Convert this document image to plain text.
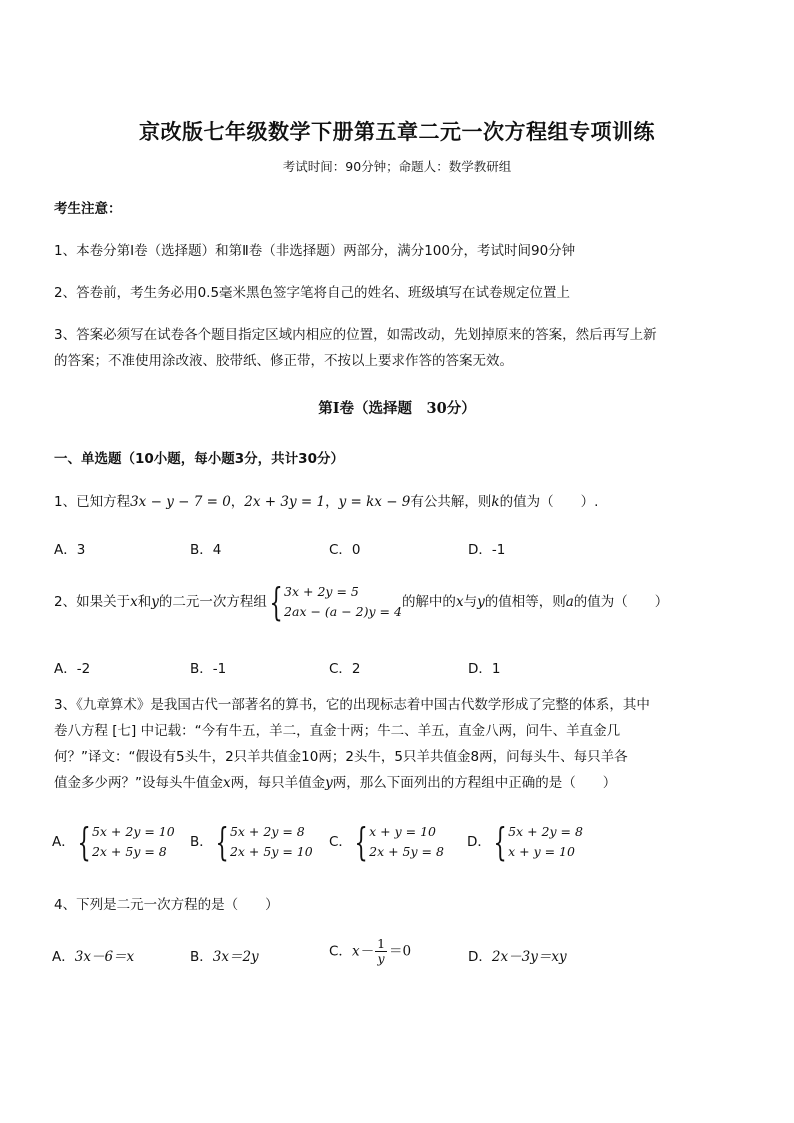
京改版七年级数学下册第五章二元一次方程组专项训练
考试时间：90分钟；命题人：数学教研组
考生注意：
1、本卷分第Ⅰ卷（选择题）和第Ⅱ卷（非选择题）两部分，满分100分，考试时间90分钟
2、答卷前，考生务必用0.5毫米黑色签字笔将自己的姓名、班级填写在试卷规定位置上
3、答案必须写在试卷各个题目指定区域内相应的位置，如需改动，先划掉原来的答案，然后再写上新
的答案；不准使用涂改液、胶带纸、修正带，不按以上要求作答的答案无效。
第Ⅰ卷（选择题　30分）
一、单选题（10小题，每小题3分，共计30分）
1、已知方程3x − y − 7 = 0，2x + 3y = 1，y = kx − 9有公共解，则k的值为（　　）.
A．3	B．4	C．0	D．-1
2、如果关于x和y的二元一次方程组{ 3x + 2y = 5
2ax − (a − 2)y = 4
的解中的x与y的值相等，则a的值为（　　）
A．-2	B．-1	C．2	D．1
3、《九章算术》是我国古代一部著名的算书，它的出现标志着中国古代数学形成了完整的体系，其中
卷八方程 [七] 中记载：“今有牛五，羊二，直金十两；牛二、羊五，直金八两，问牛、羊直金几
何？”译文：“假设有5头牛，2只羊共值金10两；2头牛，5只羊共值金8两，问每头牛、每只羊各
值金多少两？”设每头牛值金x两，每只羊值金y两，那么下面列出的方程组中正确的是（　　）
A．{ 5x + 2y = 10
2x + 5y = 8
B．{ 5x + 2y = 8
2x + 5y = 10
C．{ x + y = 10
2x + 5y = 8
D．{ 5x + 2y = 8
x + y = 10
4、下列是二元一次方程的是（　　）
A．3x－6＝x	B．3x＝2y	C．$x- \frac{1}{y} =0$	D．2x－3y＝xy
